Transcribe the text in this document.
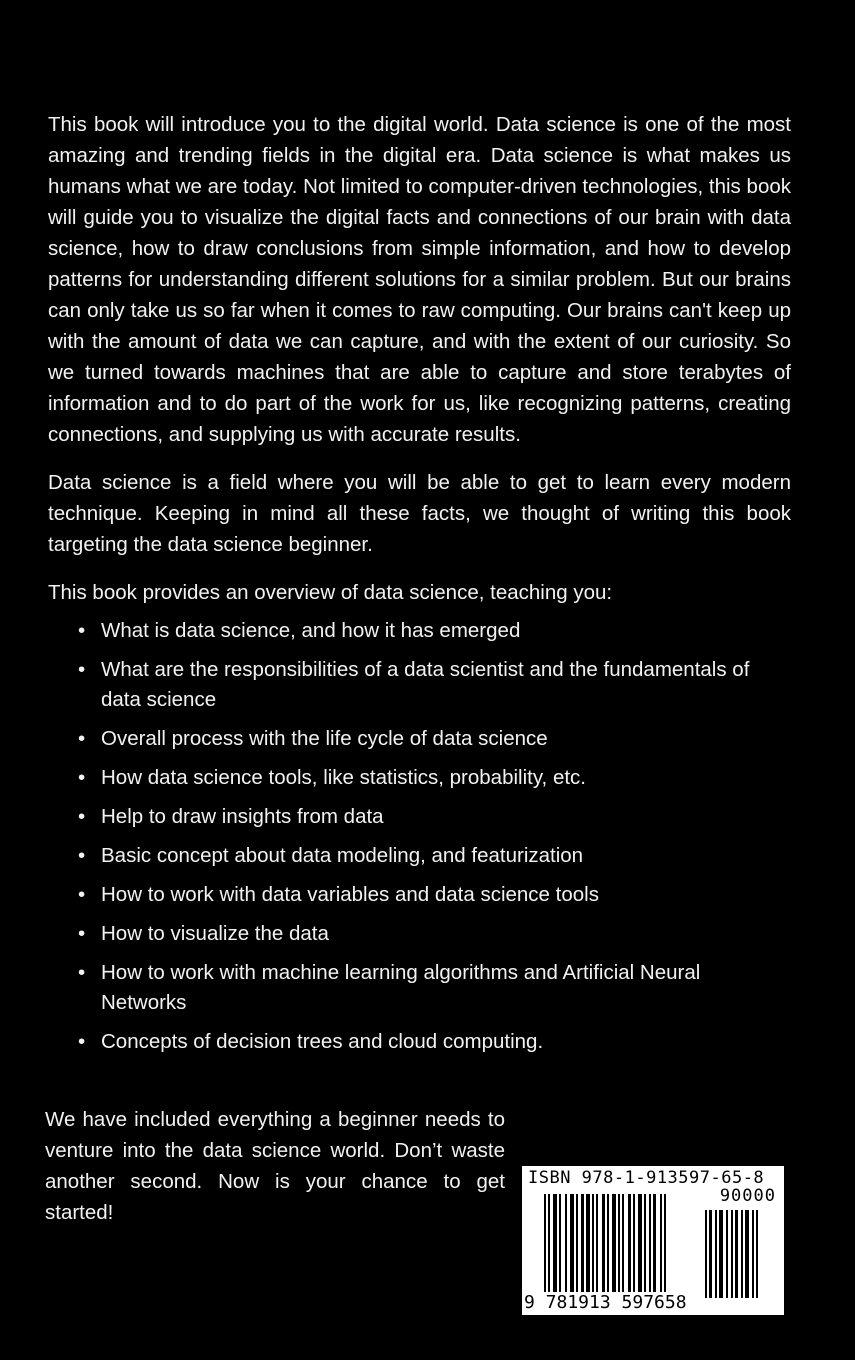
This book will introduce you to the digital world. Data science is one of the most amazing and trending fields in the digital era. Data science is what makes us humans what we are today. Not limited to computer-driven technologies, this book will guide you to visualize the digital facts and connections of our brain with data science, how to draw conclusions from simple information, and how to develop patterns for understanding different solutions for a similar problem. But our brains can only take us so far when it comes to raw computing. Our brains can't keep up with the amount of data we can capture, and with the extent of our curiosity. So we turned towards machines that are able to capture and store terabytes of information and to do part of the work for us, like recognizing patterns, creating connections, and supplying us with accurate results.

Data science is a field where you will be able to get to learn every modern technique. Keeping in mind all these facts, we thought of writing this book targeting the data science beginner.

This book provides an overview of data science, teaching you:

• What is data science, and how it has emerged
• What are the responsibilities of a data scientist and the fundamentals of data science
• Overall process with the life cycle of data science
• How data science tools, like statistics, probability, etc.
• Help to draw insights from data
• Basic concept about data modeling, and featurization
• How to work with data variables and data science tools
• How to visualize the data
• How to work with machine learning algorithms and Artificial Neural Networks
• Concepts of decision trees and cloud computing.

We have included everything a beginner needs to venture into the data science world. Don’t waste another second. Now is your chance to get started!

ISBN 978-1-913597-65-8
90000
9 781913 597658
